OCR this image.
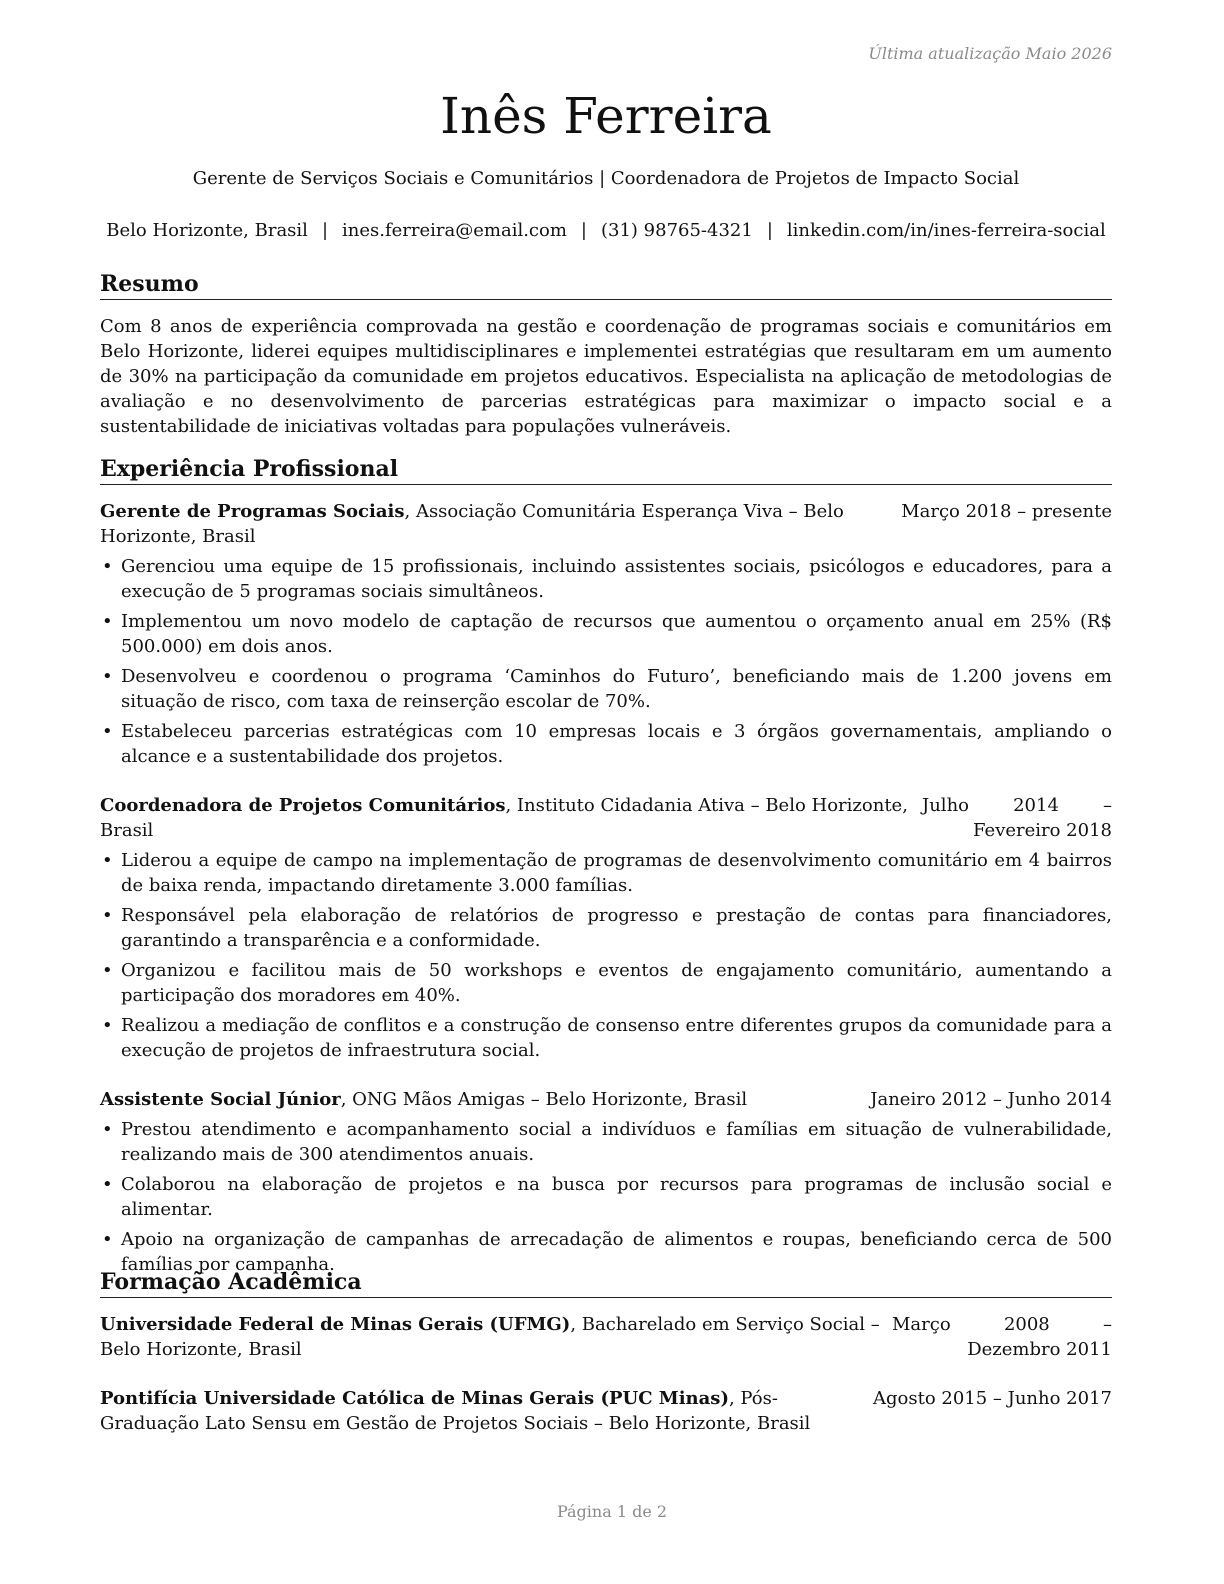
Última atualização Maio 2026
Inês Ferreira
Gerente de Serviços Sociais e Comunitários | Coordenadora de Projetos de Impacto Social
Belo Horizonte, Brasil | ines.ferreira@email.com | (31) 98765-4321 | linkedin.com/in/ines-ferreira-social
Resumo

Com 8 anos de experiência comprovada na gestão e coordenação de programas sociais e comunitários em Belo Horizonte, liderei equipes multidisciplinares e implementei estratégias que resultaram em um aumento de 30% na participação da comunidade em projetos educativos. Especialista na aplicação de metodologias de avaliação e no desenvolvimento de parcerias estratégicas para maximizar o impacto social e a sustentabilidade de iniciativas voltadas para populações vulneráveis.

Experiência Profissional
Gerente de Programas Sociais, Associação Comunitária Esperança Viva – Belo Horizonte, Brasil
Março 2018 – presente
• Gerenciou uma equipe de 15 profissionais, incluindo assistentes sociais, psicólogos e educadores, para a execução de 5 programas sociais simultâneos.
• Implementou um novo modelo de captação de recursos que aumentou o orçamento anual em 25% (R$ 500.000) em dois anos.
• Desenvolveu e coordenou o programa ‘Caminhos do Futuro’, beneficiando mais de 1.200 jovens em situação de risco, com taxa de reinserção escolar de 70%.
• Estabeleceu parcerias estratégicas com 10 empresas locais e 3 órgãos governamentais, ampliando o alcance e a sustentabilidade dos projetos.
Coordenadora de Projetos Comunitários, Instituto Cidadania Ativa – Belo Horizonte, Brasil
Julho 2014 – Fevereiro 2018
• Liderou a equipe de campo na implementação de programas de desenvolvimento comunitário em 4 bairros de baixa renda, impactando diretamente 3.000 famílias.
• Responsável pela elaboração de relatórios de progresso e prestação de contas para financiadores, garantindo a transparência e a conformidade.
• Organizou e facilitou mais de 50 workshops e eventos de engajamento comunitário, aumentando a participação dos moradores em 40%.
• Realizou a mediação de conflitos e a construção de consenso entre diferentes grupos da comunidade para a execução de projetos de infraestrutura social.
Assistente Social Júnior, ONG Mãos Amigas – Belo Horizonte, Brasil	Janeiro 2012 – Junho 2014
• Prestou atendimento e acompanhamento social a indivíduos e famílias em situação de vulnerabilidade, realizando mais de 300 atendimentos anuais.
• Colaborou na elaboração de projetos e na busca por recursos para programas de inclusão social e alimentar.
• Apoio na organização de campanhas de arrecadação de alimentos e roupas, beneficiando cerca de 500 famílias por campanha.
Formação Acadêmica
Universidade Federal de Minas Gerais (UFMG), Bacharelado em Serviço Social – Belo Horizonte, Brasil
Março 2008 – Dezembro 2011
Pontifícia Universidade Católica de Minas Gerais (PUC Minas), Pós-Graduação Lato Sensu em Gestão de Projetos Sociais – Belo Horizonte, Brasil
Agosto 2015 – Junho 2017
Página 1 de 2
